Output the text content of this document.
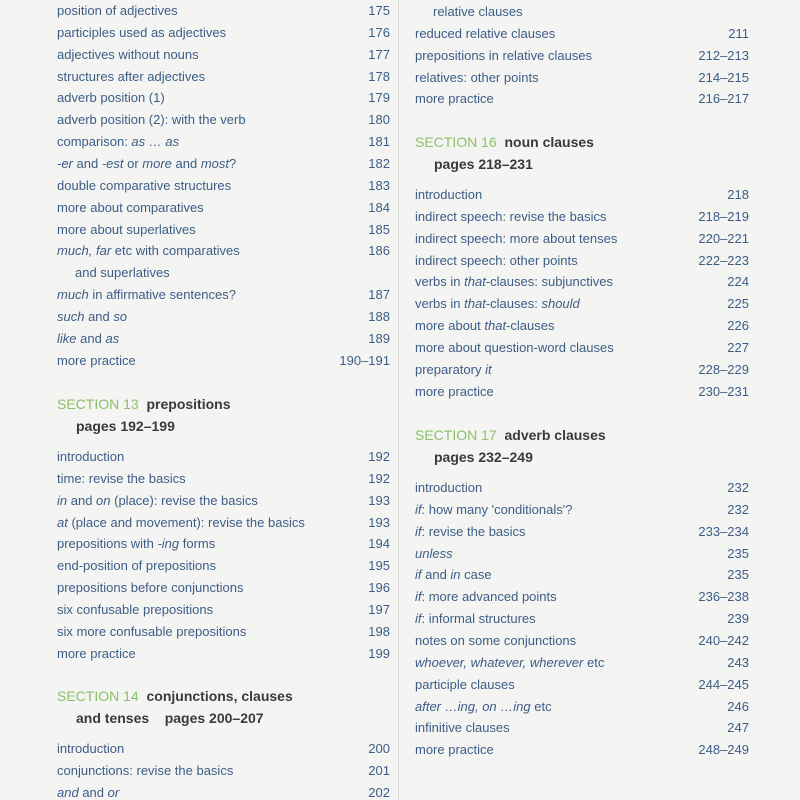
position of adjectives	175
participles used as adjectives	176
adjectives without nouns	177
structures after adjectives	178
adverb position (1)	179
adverb position (2): with the verb	180
comparison: as … as	181
-er and -est or more and most?	182
double comparative structures	183
more about comparatives	184
more about superlatives	185
much, far etc with comparatives	186
and superlatives
much in affirmative sentences?	187
such and so	188
like and as	189
more practice	190–191
SECTION 13 prepositions
pages 192–199
introduction	192
time: revise the basics	192
in and on (place): revise the basics	193
at (place and movement): revise the basics	193
prepositions with -ing forms	194
end-position of prepositions	195
prepositions before conjunctions	196
six confusable prepositions	197
six more confusable prepositions	198
more practice	199
SECTION 14 conjunctions, clauses
and tenses pages 200–207
introduction	200
conjunctions: revise the basics	201
and and or	202
relative clauses
reduced relative clauses	211
prepositions in relative clauses	212–213
relatives: other points	214–215
more practice	216–217
SECTION 16 noun clauses
pages 218–231
introduction	218
indirect speech: revise the basics	218–219
indirect speech: more about tenses	220–221
indirect speech: other points	222–223
verbs in that-clauses: subjunctives	224
verbs in that-clauses: should	225
more about that-clauses	226
more about question-word clauses	227
preparatory it	228–229
more practice	230–231
SECTION 17 adverb clauses
pages 232–249
introduction	232
if: how many 'conditionals'?	232
if: revise the basics	233–234
unless	235
if and in case	235
if: more advanced points	236–238
if: informal structures	239
notes on some conjunctions	240–242
whoever, whatever, wherever etc	243
participle clauses	244–245
after …ing, on …ing etc	246
infinitive clauses	247
more practice	248–249
